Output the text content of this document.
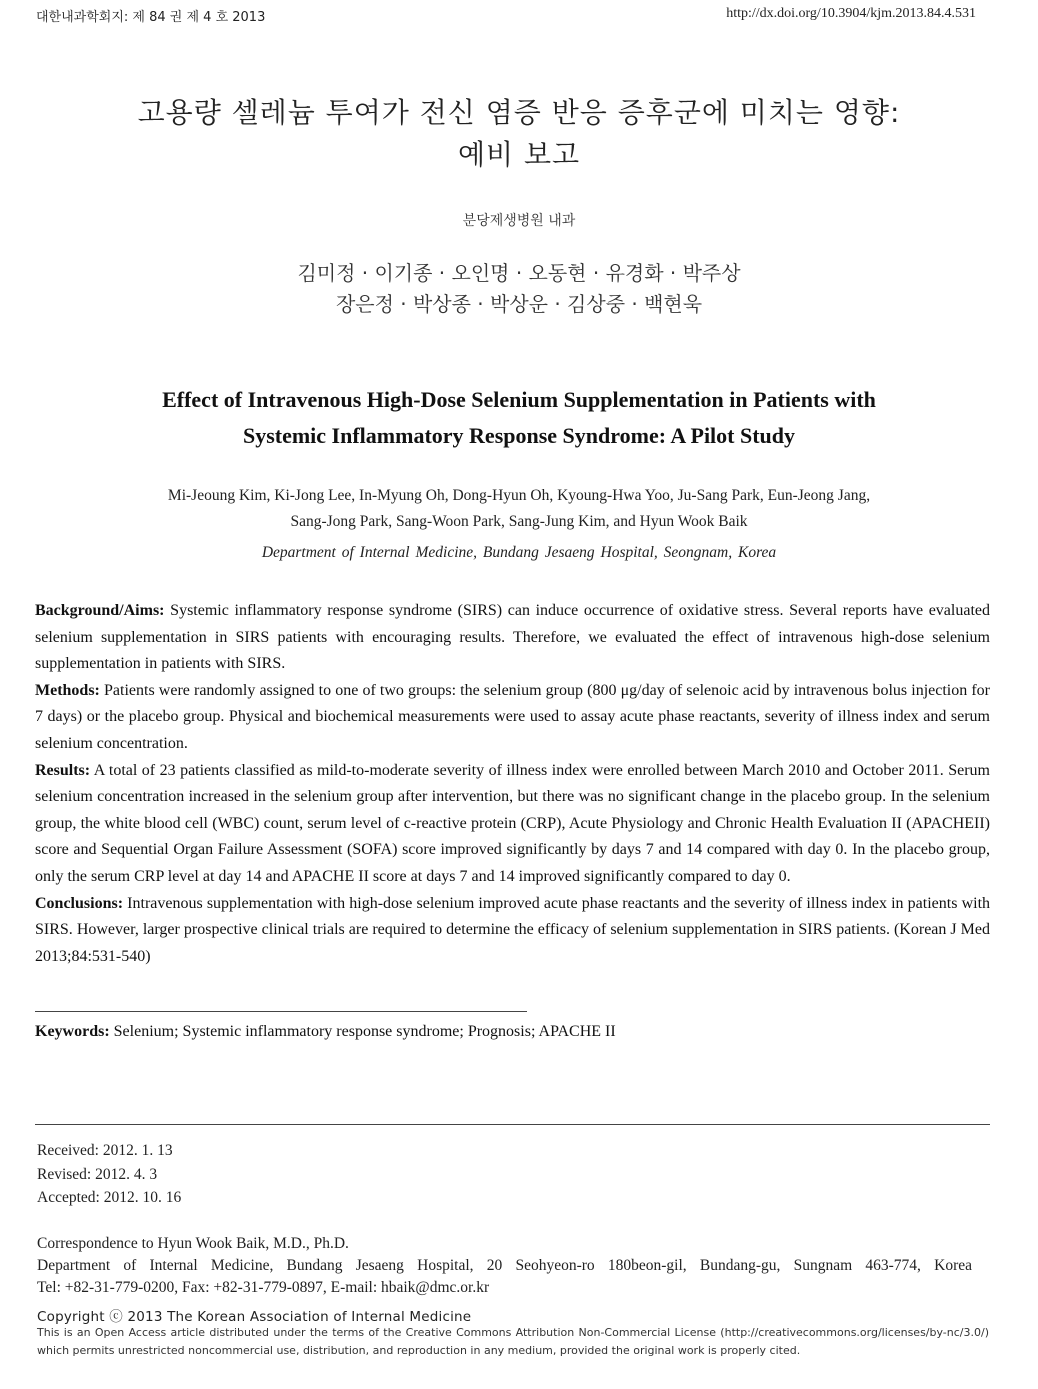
대한내과학회지: 제 84 권 제 4 호 2013	http://dx.doi.org/10.3904/kjm.2013.84.4.531
고용량 셀레늄 투여가 전신 염증 반응 증후군에 미치는 영향:
예비 보고
분당제생병원 내과
김미정 · 이기종 · 오인명 · 오동현 · 유경화 · 박주상
장은정 · 박상종 · 박상운 · 김상중 · 백현욱
Effect of Intravenous High-Dose Selenium Supplementation in Patients with
Systemic Inflammatory Response Syndrome: A Pilot Study
Mi-Jeoung Kim, Ki-Jong Lee, In-Myung Oh, Dong-Hyun Oh, Kyoung-Hwa Yoo, Ju-Sang Park, Eun-Jeong Jang,
Sang-Jong Park, Sang-Woon Park, Sang-Jung Kim, and Hyun Wook Baik
Department of Internal Medicine, Bundang Jesaeng Hospital, Seongnam, Korea

Background/Aims: Systemic inflammatory response syndrome (SIRS) can induce occurrence of oxidative stress. Several reports have evaluated selenium supplementation in SIRS patients with encouraging results. Therefore, we evaluated the effect of intravenous high-dose selenium supplementation in patients with SIRS.

Methods: Patients were randomly assigned to one of two groups: the selenium group (800 μg/day of selenoic acid by intravenous bolus injection for 7 days) or the placebo group. Physical and biochemical measurements were used to assay acute phase reactants, severity of illness index and serum selenium concentration.

Results: A total of 23 patients classified as mild-to-moderate severity of illness index were enrolled between March 2010 and October 2011. Serum selenium concentration increased in the selenium group after intervention, but there was no significant change in the placebo group. In the selenium group, the white blood cell (WBC) count, serum level of c-reactive protein (CRP), Acute Physiology and Chronic Health Evaluation II (APACHEII) score and Sequential Organ Failure Assessment (SOFA) score improved significantly by days 7 and 14 compared with day 0. In the placebo group, only the serum CRP level at day 14 and APACHE II score at days 7 and 14 improved significantly compared to day 0.

Conclusions: Intravenous supplementation with high-dose selenium improved acute phase reactants and the severity of illness index in patients with SIRS. However, larger prospective clinical trials are required to determine the efficacy of selenium supplementation in SIRS patients. (Korean J Med 2013;84:531-540)

Keywords: Selenium; Systemic inflammatory response syndrome; Prognosis; APACHE II
Received: 2012. 1. 13
Revised: 2012. 4. 3
Accepted: 2012. 10. 16
Correspondence to Hyun Wook Baik, M.D., Ph.D.
Department of Internal Medicine, Bundang Jesaeng Hospital, 20 Seohyeon-ro 180beon-gil, Bundang-gu, Sungnam 463-774, Korea
Tel: +82-31-779-0200, Fax: +82-31-779-0897, E-mail: hbaik@dmc.or.kr
Copyright ⓒ 2013 The Korean Association of Internal Medicine
This is an Open Access article distributed under the terms of the Creative Commons Attribution Non-Commercial License (http://creativecommons.org/licenses/by-nc/3.0/) which permits unrestricted noncommercial use, distribution, and reproduction in any medium, provided the original work is properly cited.
